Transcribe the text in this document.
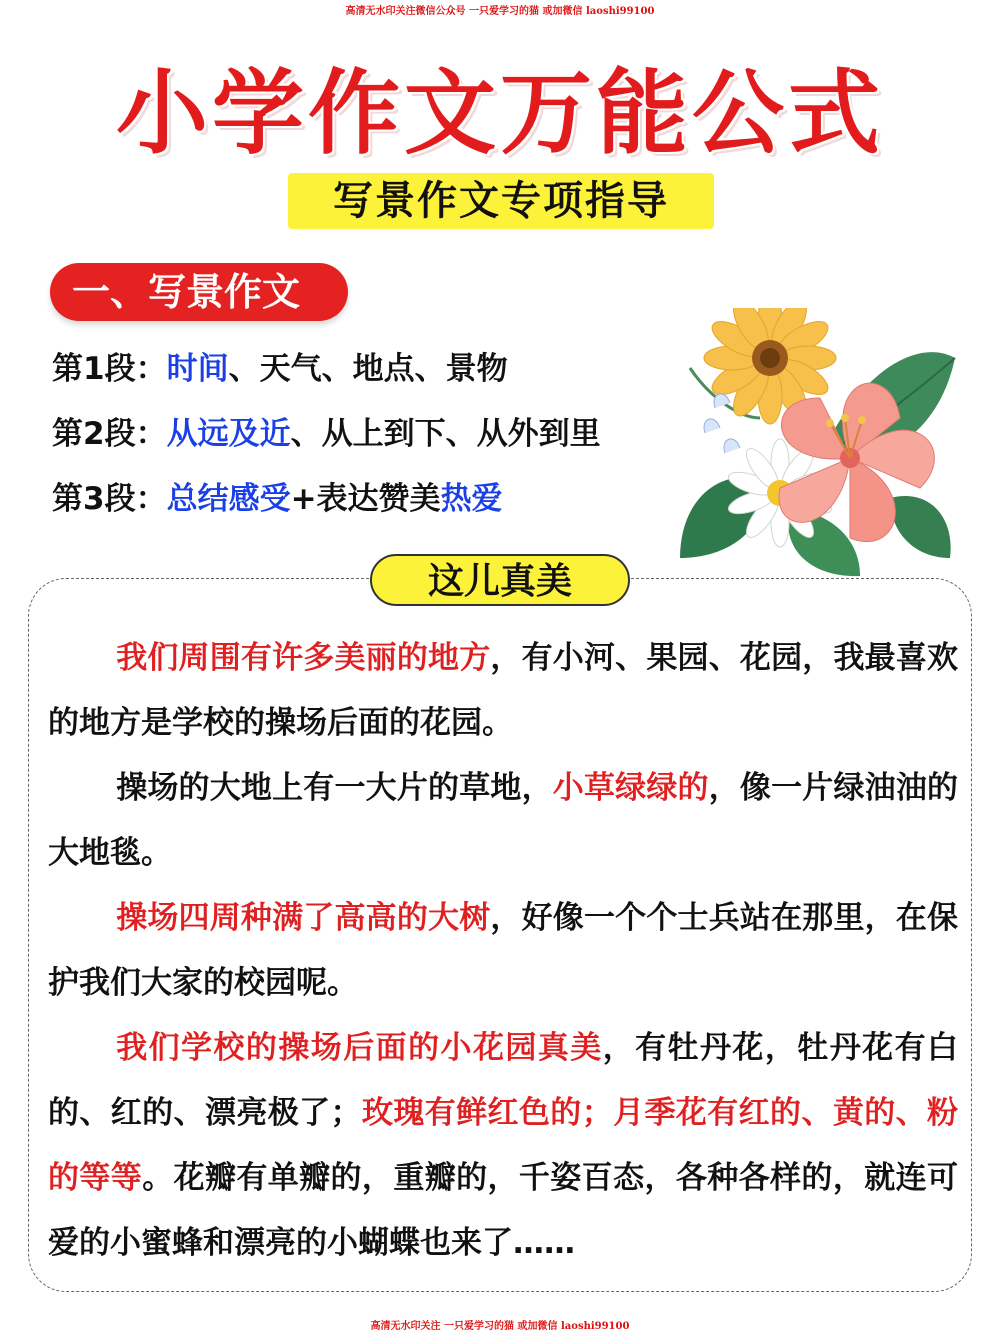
高清无水印关注微信公众号 一只爱学习的猫 或加微信 laoshi99100
小学作文万能公式
写景作文专项指导
一、写景作文
第1段：时间、天气、地点、景物
第2段：从远及近、从上到下、从外到里
第3段：总结感受+表达赞美热爱
这儿真美

我们周围有许多美丽的地方，有小河、果园、花园，我最喜欢的地方是学校的操场后面的花园。

操场的大地上有一大片的草地，小草绿绿的，像一片绿油油的大地毯。

操场四周种满了高高的大树，好像一个个士兵站在那里，在保护我们大家的校园呢。

我们学校的操场后面的小花园真美，有牡丹花，牡丹花有白的、红的、漂亮极了；玫瑰有鲜红色的；月季花有红的、黄的、粉的等等。花瓣有单瓣的，重瓣的，千姿百态，各种各样的，就连可爱的小蜜蜂和漂亮的小蝴蝶也来了……

高清无水印关注 一只爱学习的猫 或加微信 laoshi99100
